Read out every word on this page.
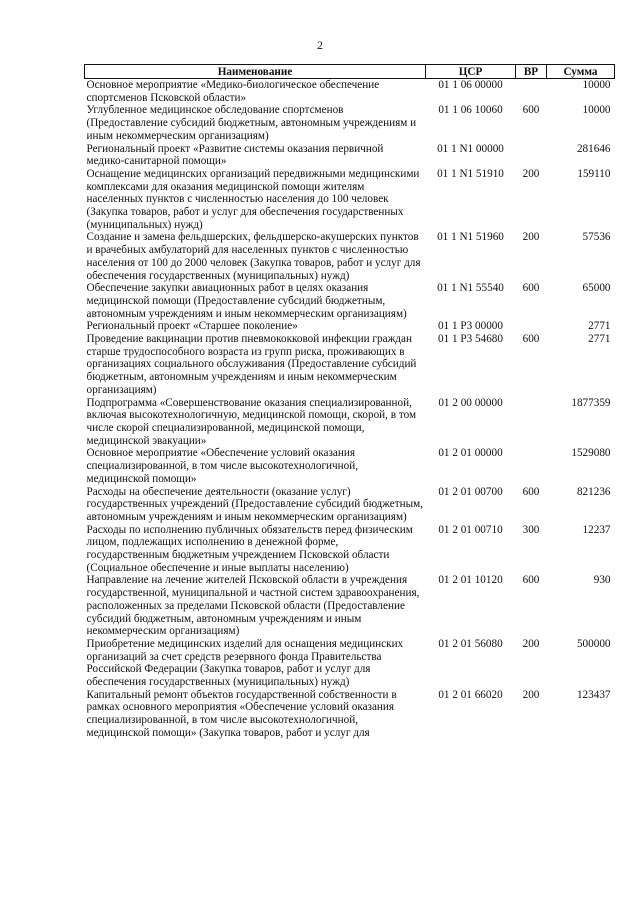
2
Наименование	ЦСР	ВР	Сумма
Основное мероприятие «Медико-биологическое обеспечение спортсменов Псковской области»	01 1 06 00000		10000
Углубленное медицинское обследование спортсменов (Предоставление субсидий бюджетным, автономным учреждениям и иным некоммерческим организациям)	01 1 06 10060	600	10000
Региональный проект «Развитие системы оказания первичной медико-санитарной помощи»	01 1 N1 00000		281646
Оснащение медицинских организаций передвижными медицинскими комплексами для оказания медицинской помощи жителям населенных пунктов с численностью населения до 100 человек (Закупка товаров, работ и услуг для обеспечения государственных (муниципальных) нужд)	01 1 N1 51910	200	159110
Создание и замена фельдшерских, фельдшерско-акушерских пунктов и врачебных амбулаторий для населенных пунктов с численностью населения от 100 до 2000 человек (Закупка товаров, работ и услуг для обеспечения государственных (муниципальных) нужд)	01 1 N1 51960	200	57536
Обеспечение закупки авиационных работ в целях оказания медицинской помощи (Предоставление субсидий бюджетным, автономным учреждениям и иным некоммерческим организациям)	01 1 N1 55540	600	65000
Региональный проект «Старшее поколение»	01 1 P3 00000		2771
Проведение вакцинации против пневмококковой инфекции граждан старше трудоспособного возраста из групп риска, проживающих в организациях социального обслуживания (Предоставление субсидий бюджетным, автономным учреждениям и иным некоммерческим организациям)	01 1 P3 54680	600	2771
Подпрограмма «Совершенствование оказания специализированной, включая высокотехнологичную, медицинской помощи, скорой, в том числе скорой специализированной, медицинской помощи, медицинской эвакуации»	01 2 00 00000		1877359
Основное мероприятие «Обеспечение условий оказания специализированной, в том числе высокотехнологичной, медицинской помощи»	01 2 01 00000		1529080
Расходы на обеспечение деятельности (оказание услуг) государственных учреждений (Предоставление субсидий бюджетным, автономным учреждениям и иным некоммерческим организациям)	01 2 01 00700	600	821236
Расходы по исполнению публичных обязательств перед физическим лицом, подлежащих исполнению в денежной форме, государственным бюджетным учреждением Псковской области (Социальное обеспечение и иные выплаты населению)	01 2 01 00710	300	12237
Направление на лечение жителей Псковской области в учреждения государственной, муниципальной и частной систем здравоохранения, расположенных за пределами Псковской области (Предоставление субсидий бюджетным, автономным учреждениям и иным некоммерческим организациям)	01 2 01 10120	600	930
Приобретение медицинских изделий для оснащения медицинских организаций за счет средств резервного фонда Правительства Российской Федерации (Закупка товаров, работ и услуг для обеспечения государственных (муниципальных) нужд)	01 2 01 56080	200	500000
Капитальный ремонт объектов государственной собственности в рамках основного мероприятия «Обеспечение условий оказания специализированной, в том числе высокотехнологичной, медицинской помощи» (Закупка товаров, работ и услуг для	01 2 01 66020	200	123437
